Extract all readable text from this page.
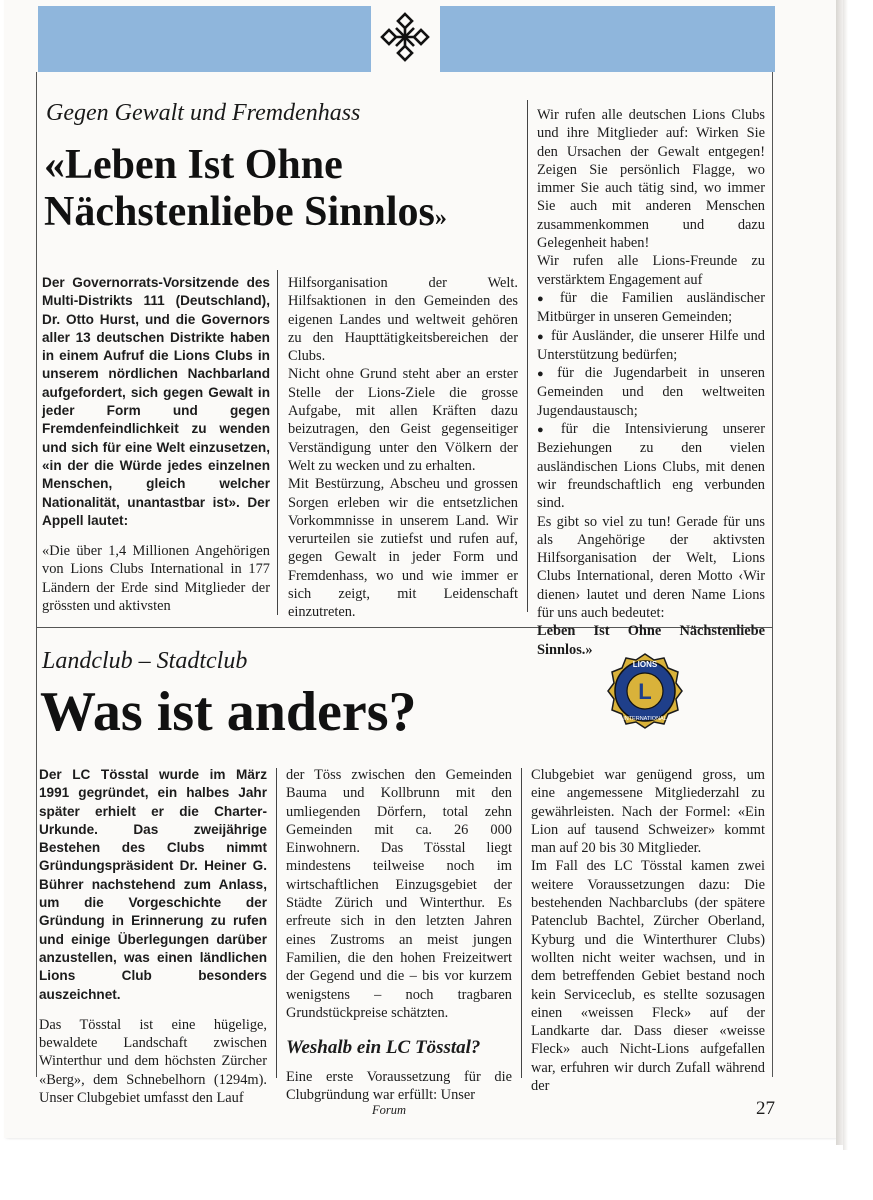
Gegen Gewalt und Fremdenhass
«Leben Ist Ohne
Nächstenliebe Sinnlos»

Der Governorrats-Vorsitzende des Multi-Distrikts 111 (Deutschland), Dr. Otto Hurst, und die Governors aller 13 deutschen Distrikte haben in einem Aufruf die Lions Clubs in unserem nördlichen Nachbarland aufgefordert, sich gegen Gewalt in jeder Form und gegen Fremdenfeindlichkeit zu wenden und sich für eine Welt einzusetzen, «in der die Würde jedes einzelnen Menschen, gleich welcher Nationalität, unantastbar ist». Der Appell lautet:

«Die über 1,4 Millionen Angehörigen von Lions Clubs International in 177 Ländern der Erde sind Mitglieder der grössten und aktivsten

Hilfsorganisation der Welt. Hilfsaktionen in den Gemeinden des eigenen Landes und weltweit gehören zu den Haupttätigkeitsbereichen der Clubs.

Nicht ohne Grund steht aber an erster Stelle der Lions-Ziele die grosse Aufgabe, mit allen Kräften dazu beizutragen, den Geist gegenseitiger Verständigung unter den Völkern der Welt zu wecken und zu erhalten.

Mit Bestürzung, Abscheu und grossen Sorgen erleben wir die entsetzlichen Vorkommnisse in unserem Land. Wir verurteilen sie zutiefst und rufen auf, gegen Gewalt in jeder Form und Fremdenhass, wo und wie immer er sich zeigt, mit Leidenschaft einzutreten.

Wir rufen alle deutschen Lions Clubs und ihre Mitglieder auf: Wirken Sie den Ursachen der Gewalt entgegen! Zeigen Sie persönlich Flagge, wo immer Sie auch tätig sind, wo immer Sie auch mit anderen Menschen zusammenkommen und dazu Gelegenheit haben!

Wir rufen alle Lions-Freunde zu verstärktem Engagement auf

● für die Familien ausländischer Mitbürger in unseren Gemeinden;

● für Ausländer, die unserer Hilfe und Unterstützung bedürfen;

● für die Jugendarbeit in unseren Gemeinden und den weltweiten Jugendaustausch;

● für die Intensivierung unserer Beziehungen zu den vielen ausländischen Lions Clubs, mit denen wir freundschaftlich eng verbunden sind.

Es gibt so viel zu tun! Gerade für uns als Angehörige der aktivsten Hilfsorganisation der Welt, Lions Clubs International, deren Motto ‹Wir dienen› lautet und deren Name Lions für uns auch bedeutet:

Leben Ist Ohne Nächstenliebe Sinnlos.»

Landclub – Stadtclub
Was ist anders?
LIONS
INTERNATIONAL
L

Der LC Tösstal wurde im März 1991 gegründet, ein halbes Jahr später erhielt er die Charter-Urkunde. Das zweijährige Bestehen des Clubs nimmt Gründungspräsident Dr. Heiner G. Bührer nachstehend zum Anlass, um die Vorgeschichte der Gründung in Erinnerung zu rufen und einige Überlegungen darüber anzustellen, was einen ländlichen Lions Club besonders auszeichnet.

Das Tösstal ist eine hügelige, bewaldete Landschaft zwischen Winterthur und dem höchsten Zürcher «Berg», dem Schnebelhorn (1294m). Unser Clubgebiet umfasst den Lauf

der Töss zwischen den Gemeinden Bauma und Kollbrunn mit den umliegenden Dörfern, total zehn Gemeinden mit ca. 26 000 Einwohnern. Das Tösstal liegt mindestens teilweise noch im wirtschaftlichen Einzugsgebiet der Städte Zürich und Winterthur. Es erfreute sich in den letzten Jahren eines Zustroms an meist jungen Familien, die den hohen Freizeitwert der Gegend und die – bis vor kurzem wenigstens – noch tragbaren Grundstückpreise schätzten.

Weshalb ein LC Tösstal?

Eine erste Voraussetzung für die Clubgründung war erfüllt: Unser

Clubgebiet war genügend gross, um eine angemessene Mitgliederzahl zu gewährleisten. Nach der Formel: «Ein Lion auf tausend Schweizer» kommt man auf 20 bis 30 Mitglieder.

Im Fall des LC Tösstal kamen zwei weitere Voraussetzungen dazu: Die bestehenden Nachbarclubs (der spätere Patenclub Bachtel, Zürcher Oberland, Kyburg und die Winterthurer Clubs) wollten nicht weiter wachsen, und in dem betreffenden Gebiet bestand noch kein Serviceclub, es stellte sozusagen einen «weissen Fleck» auf der Landkarte dar. Dass dieser «weisse Fleck» auch Nicht-Lions aufgefallen war, erfuhren wir durch Zufall während der

Forum	27
